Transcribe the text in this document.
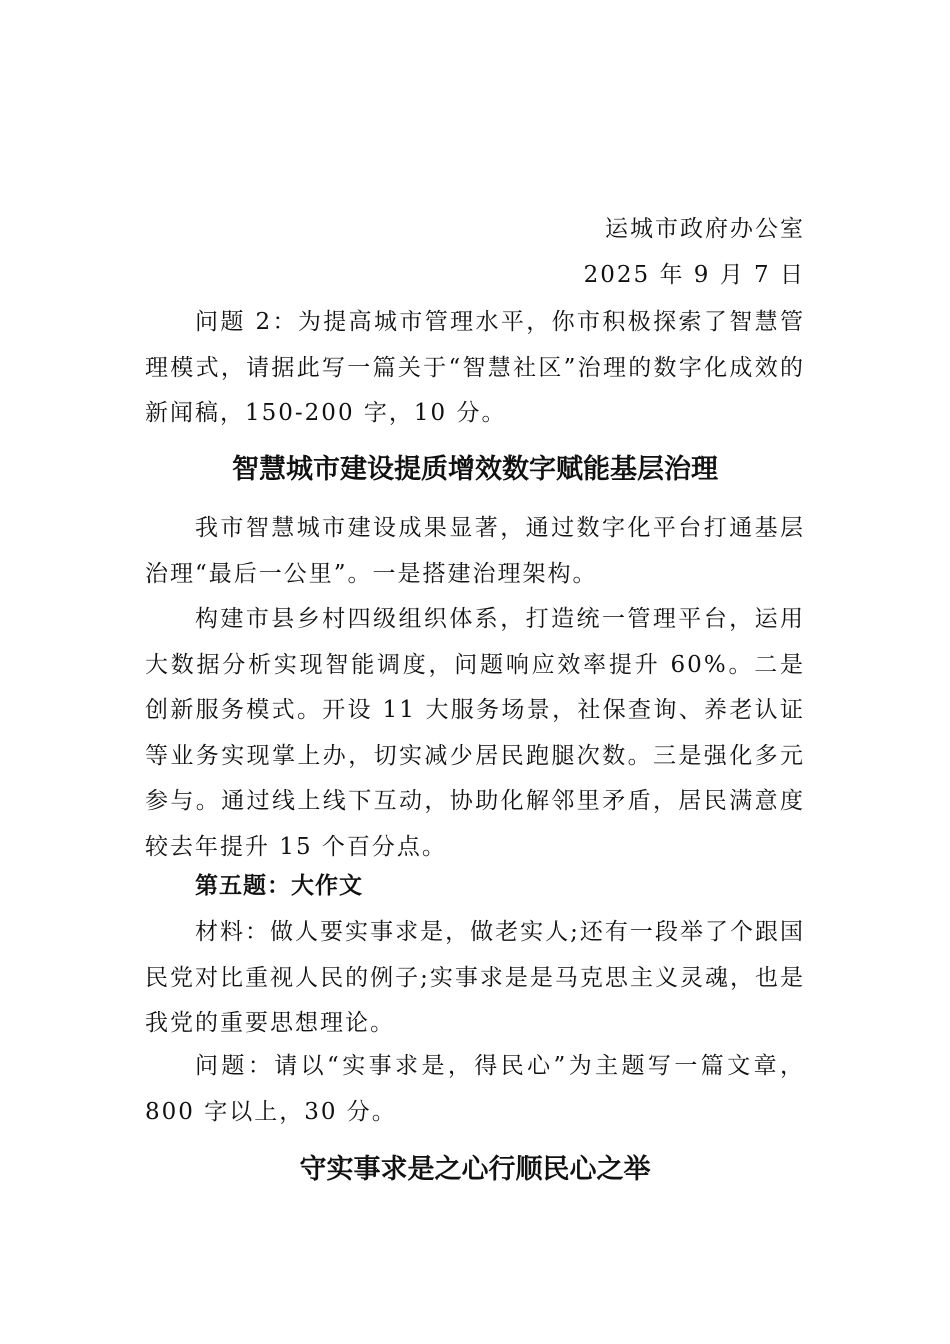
运城市政府办公室
2025 年 9 月 7 日

问题 2：为提高城市管理水平，你市积极探索了智慧管理模式，请据此写一篇关于“智慧社区”治理的数字化成效的新闻稿，150-200 字，10 分。

智慧城市建设提质增效数字赋能基层治理

我市智慧城市建设成果显著，通过数字化平台打通基层治理“最后一公里”。一是搭建治理架构。

构建市县乡村四级组织体系，打造统一管理平台，运用大数据分析实现智能调度，问题响应效率提升 60%。二是创新服务模式。开设 11 大服务场景，社保查询、养老认证等业务实现掌上办，切实减少居民跑腿次数。三是强化多元参与。通过线上线下互动，协助化解邻里矛盾，居民满意度较去年提升 15 个百分点。

第五题：大作文

材料：做人要实事求是，做老实人;还有一段举了个跟国民党对比重视人民的例子;实事求是是马克思主义灵魂，也是我党的重要思想理论。

问题：请以“实事求是，得民心”为主题写一篇文章，800 字以上，30 分。

守实事求是之心行顺民心之举
